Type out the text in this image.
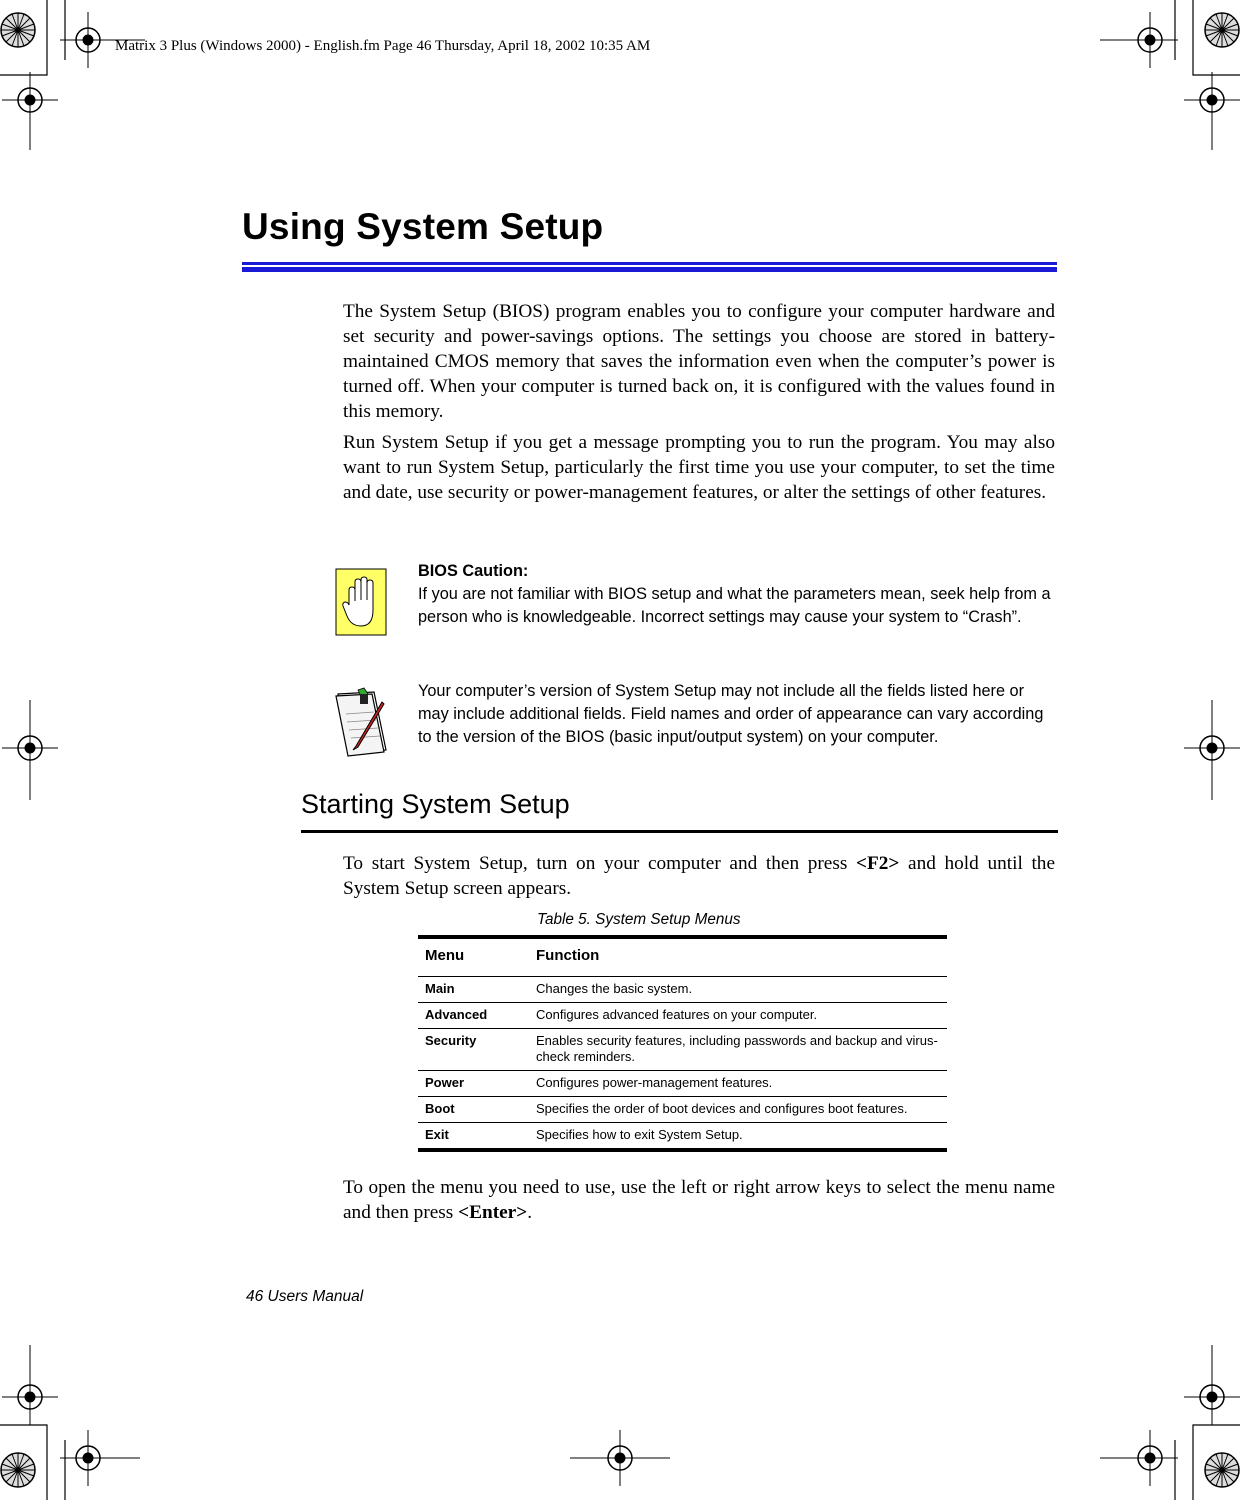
Matrix 3 Plus (Windows 2000) - English.fm Page 46 Thursday, April 18, 2002 10:35 AM
Using System Setup
The System Setup (BIOS) program enables you to configure your computer hardware and set security and power-savings options. The settings you choose are stored in battery-maintained CMOS memory that saves the information even when the computer’s power is turned off. When your computer is turned back on, it is configured with the values found in this memory.
Run System Setup if you get a message prompting you to run the program. You may also want to run System Setup, particularly the first time you use your computer, to set the time and date, use security or power-management features, or alter the settings of other features.
BIOS Caution:
If you are not familiar with BIOS setup and what the parameters mean, seek help from a person who is knowledgeable. Incorrect settings may cause your system to “Crash”.
Your computer’s version of System Setup may not include all the fields listed here or may include additional fields. Field names and order of appearance can vary according to the version of the BIOS (basic input/output system) on your computer.
Starting System Setup
To start System Setup, turn on your computer and then press <F2> and hold until the System Setup screen appears.
Table 5. System Setup Menus
Menu	Function
Main	Changes the basic system.
Advanced	Configures advanced features on your computer.
Security	Enables security features, including passwords and backup and virus-check reminders.
Power	Configures power-management features.
Boot	Specifies the order of boot devices and configures boot features.
Exit	Specifies how to exit System Setup.
To open the menu you need to use, use the left or right arrow keys to select the menu name and then press <Enter>.
46 Users Manual
